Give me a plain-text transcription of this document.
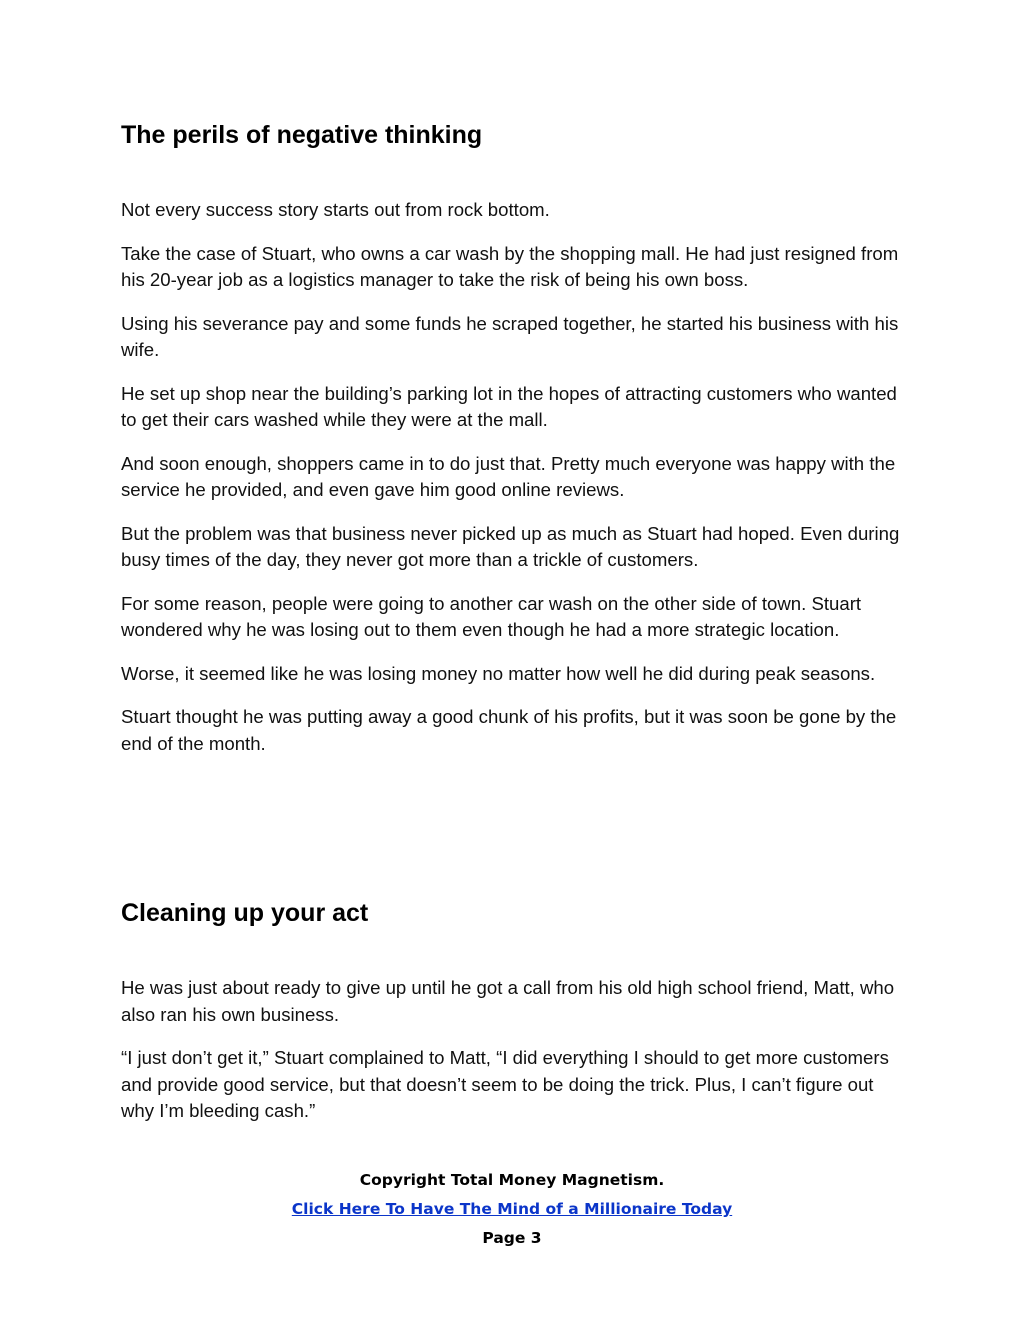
The perils of negative thinking

Not every success story starts out from rock bottom.

Take the case of Stuart, who owns a car wash by the shopping mall. He had just resigned from his 20-year job as a logistics manager to take the risk of being his own boss.

Using his severance pay and some funds he scraped together, he started his business with his wife.

He set up shop near the building’s parking lot in the hopes of attracting customers who wanted to get their cars washed while they were at the mall.

And soon enough, shoppers came in to do just that. Pretty much everyone was happy with the service he provided, and even gave him good online reviews.

But the problem was that business never picked up as much as Stuart had hoped. Even during busy times of the day, they never got more than a trickle of customers.

For some reason, people were going to another car wash on the other side of town. Stuart wondered why he was losing out to them even though he had a more strategic location.

Worse, it seemed like he was losing money no matter how well he did during peak seasons.

Stuart thought he was putting away a good chunk of his profits, but it was soon be gone by the end of the month.

Cleaning up your act

He was just about ready to give up until he got a call from his old high school friend, Matt, who also ran his own business.

“I just don’t get it,” Stuart complained to Matt, “I did everything I should to get more customers and provide good service, but that doesn’t seem to be doing the trick. Plus, I can’t figure out why I’m bleeding cash.”

Copyright Total Money Magnetism.
Click Here To Have The Mind of a Millionaire Today
Page 3
